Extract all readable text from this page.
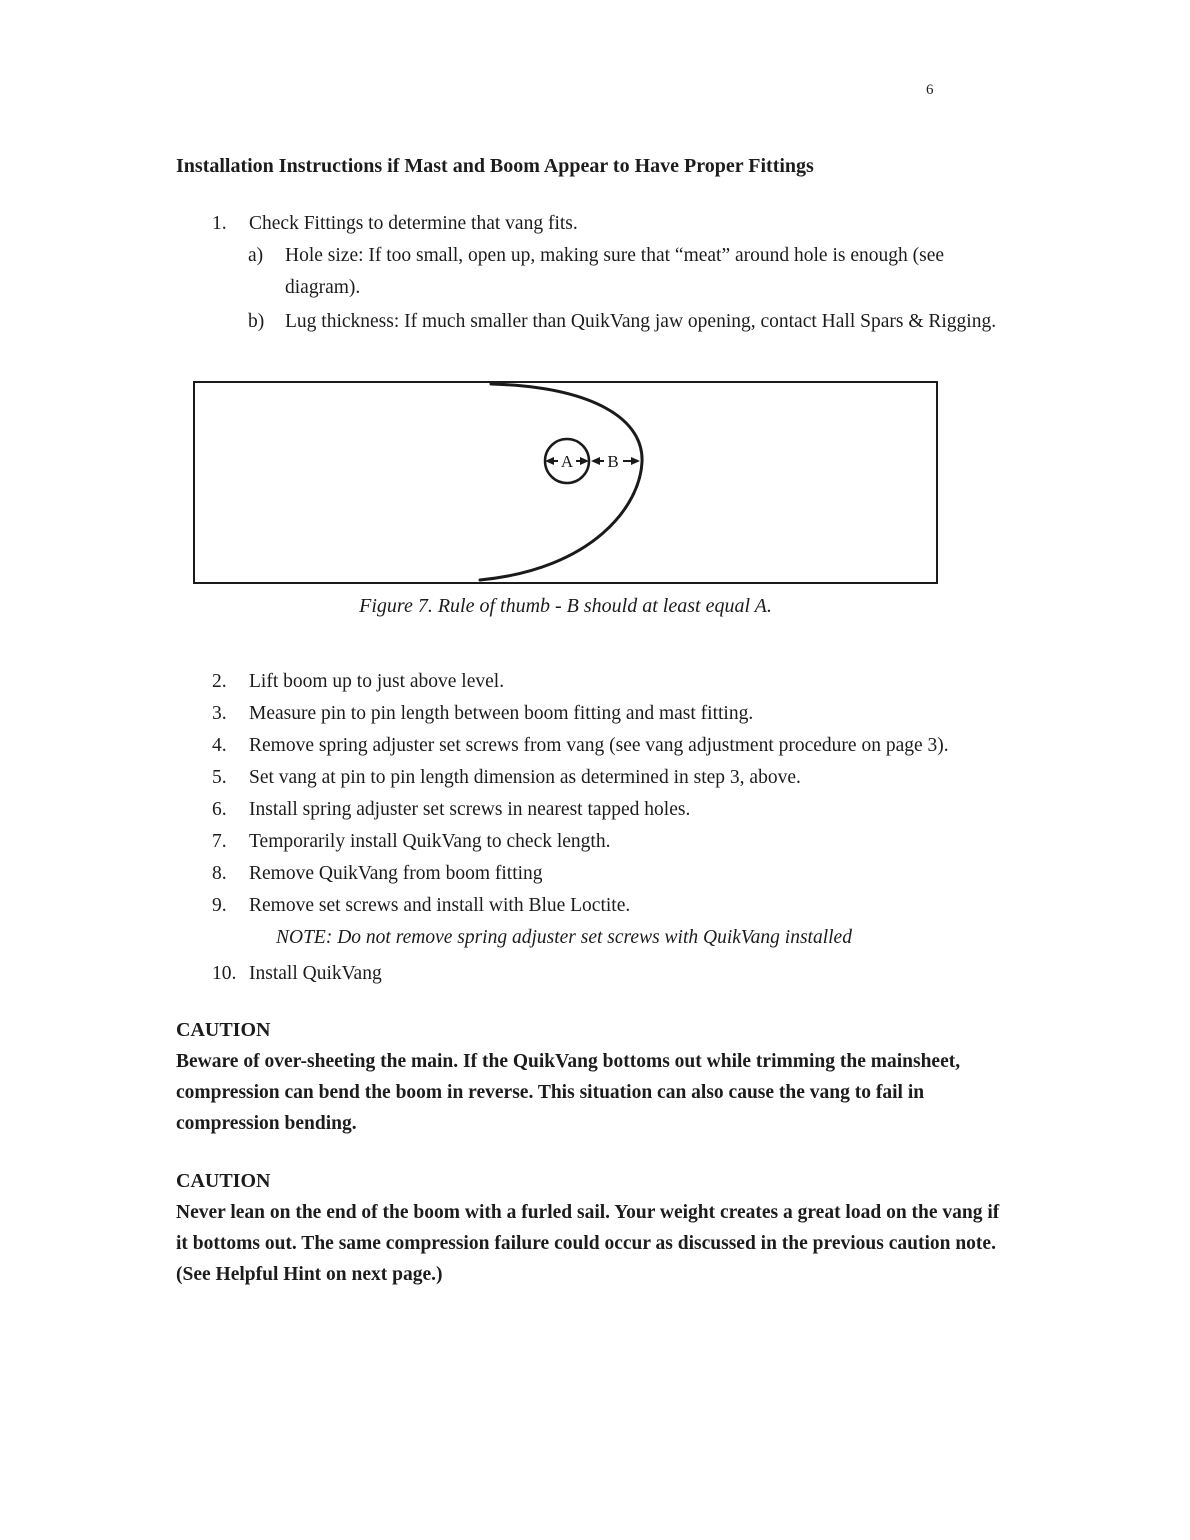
6
Installation Instructions if Mast and Boom Appear to Have Proper Fittings
1.	Check Fittings to determine that vang fits.
a)	Hole size: If too small, open up, making sure that “meat” around hole is enough (see diagram).
b)	Lug thickness: If much smaller than QuikVang jaw opening, contact Hall Spars & Rigging.
A B
Figure 7. Rule of thumb - B should at least equal A.
2.	Lift boom up to just above level.
3.	Measure pin to pin length between boom fitting and mast fitting.
4.	Remove spring adjuster set screws from vang (see vang adjustment procedure on page 3).
5.	Set vang at pin to pin length dimension as determined in step 3, above.
6.	Install spring adjuster set screws in nearest tapped holes.
7.	Temporarily install QuikVang to check length.
8.	Remove QuikVang from boom fitting
9.	Remove set screws and install with Blue Loctite.
NOTE: Do not remove spring adjuster set screws with QuikVang installed
10. Install QuikVang
CAUTION
Beware of over-sheeting the main. If the QuikVang bottoms out while trimming the mainsheet, compression can bend the boom in reverse. This situation can also cause the vang to fail in compression bending.
CAUTION
Never lean on the end of the boom with a furled sail. Your weight creates a great load on the vang if it bottoms out. The same compression failure could occur as discussed in the previous caution note. (See Helpful Hint on next page.)
